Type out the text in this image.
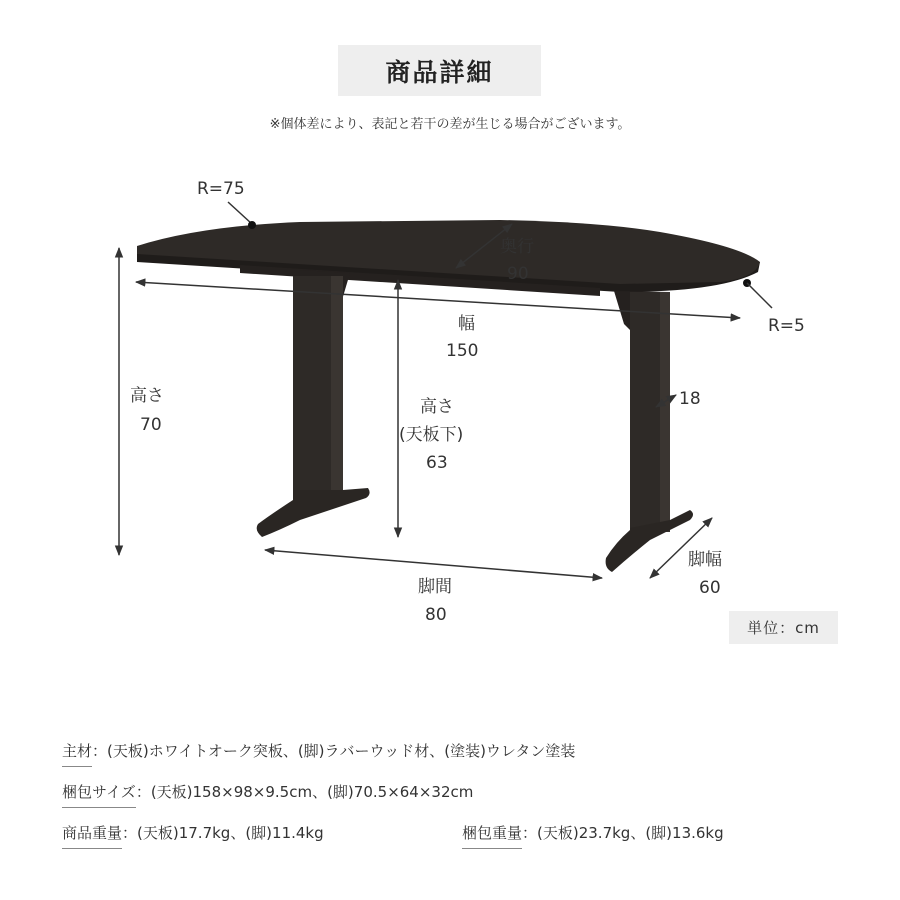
商品詳細
※個体差により、表記と若干の差が生じる場合がございます。
R=75
R=5
奥行
90
幅
150
高さ
70
高さ
(天板下)
63
18
脚間
80
脚幅
60
単位：cm
主材：(天板)ホワイトオーク突板、(脚)ラバーウッド材、(塗装)ウレタン塗装
梱包サイズ：(天板)158×98×9.5cm、(脚)70.5×64×32cm
商品重量：(天板)17.7kg、(脚)11.4kg	梱包重量：(天板)23.7kg、(脚)13.6kg
